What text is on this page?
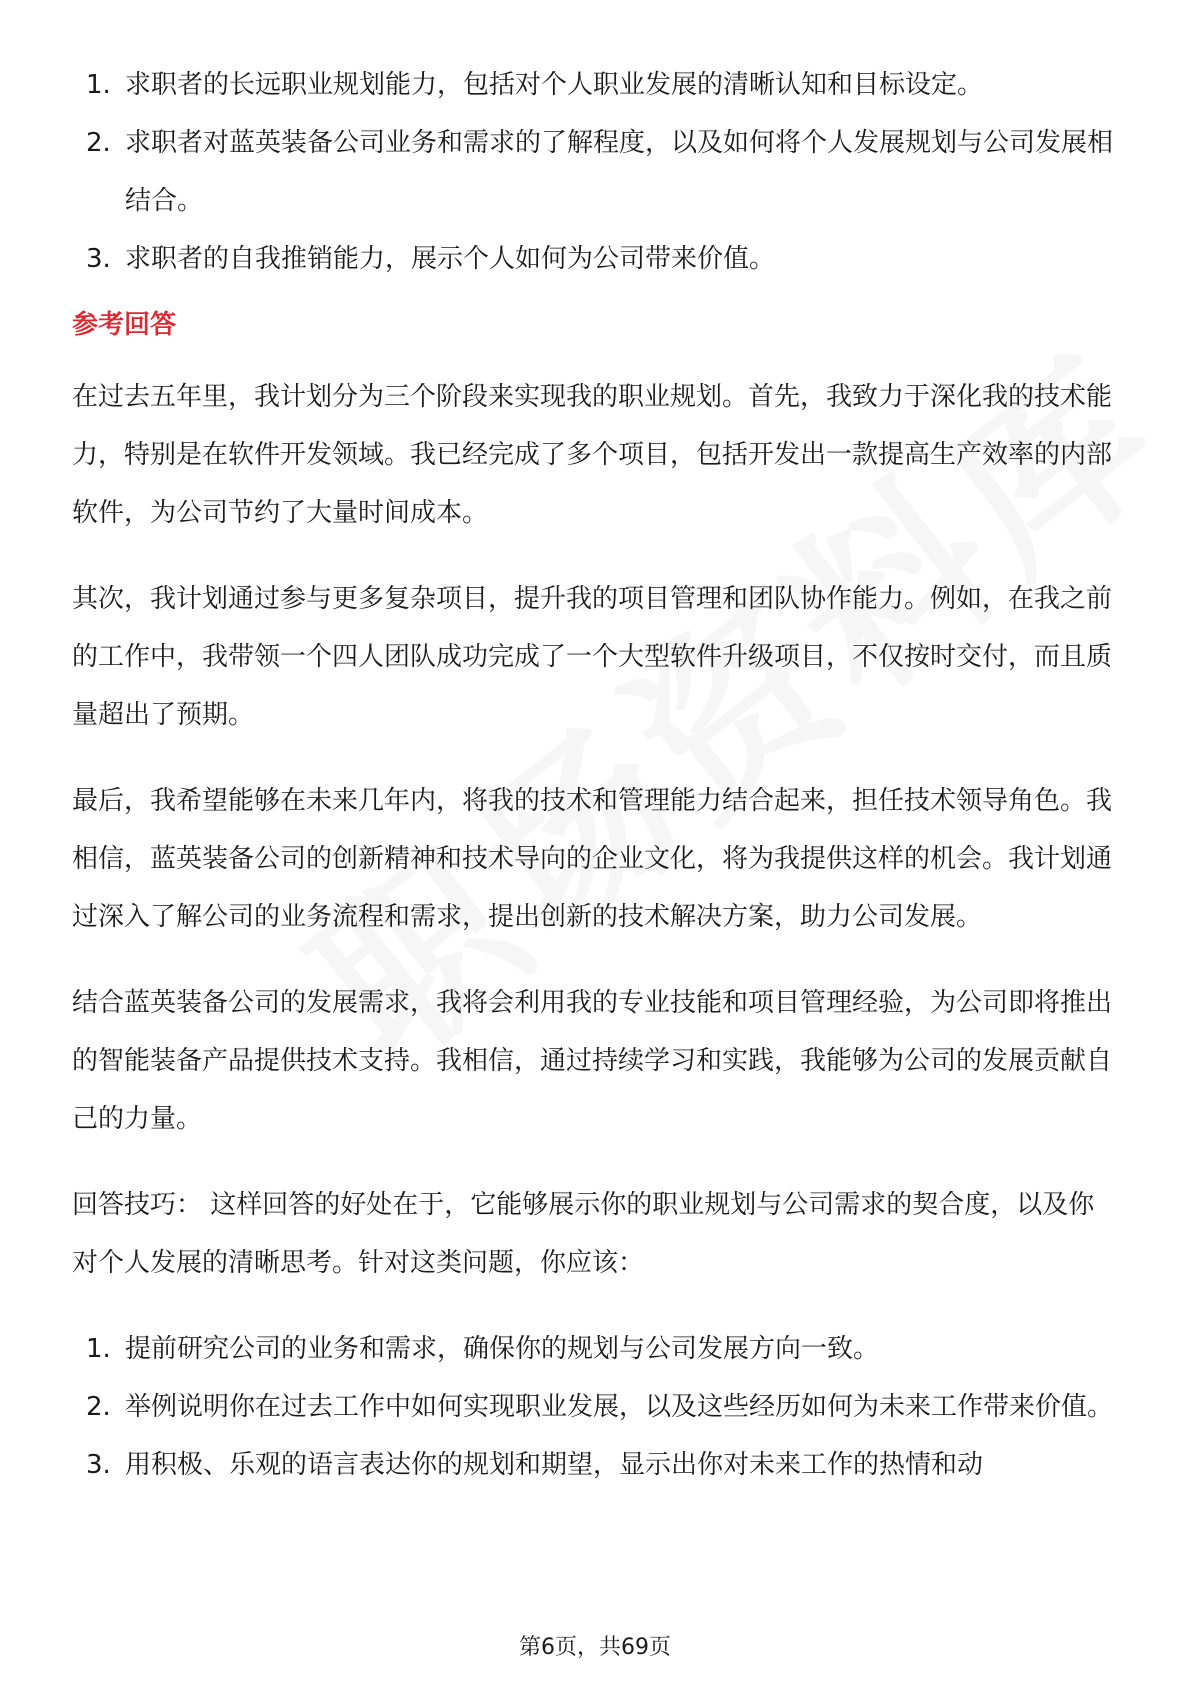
1. 求职者的长远职业规划能力，包括对个人职业发展的清晰认知和目标设定。
2. 求职者对蓝英装备公司业务和需求的了解程度，以及如何将个人发展规划与公司发展相结合。
3. 求职者的自我推销能力，展示个人如何为公司带来价值。
参考回答

在过去五年里，我计划分为三个阶段来实现我的职业规划。首先，我致力于深化我的技术能力，特别是在软件开发领域。我已经完成了多个项目，包括开发出一款提高生产效率的内部软件，为公司节约了大量时间成本。

其次，我计划通过参与更多复杂项目，提升我的项目管理和团队协作能力。例如，在我之前的工作中，我带领一个四人团队成功完成了一个大型软件升级项目，不仅按时交付，而且质量超出了预期。

最后，我希望能够在未来几年内，将我的技术和管理能力结合起来，担任技术领导角色。我相信，蓝英装备公司的创新精神和技术导向的企业文化，将为我提供这样的机会。我计划通过深入了解公司的业务流程和需求，提出创新的技术解决方案，助力公司发展。

结合蓝英装备公司的发展需求，我将会利用我的专业技能和项目管理经验，为公司即将推出的智能装备产品提供技术支持。我相信，通过持续学习和实践，我能够为公司的发展贡献自己的力量。

回答技巧： 这样回答的好处在于，它能够展示你的职业规划与公司需求的契合度，以及你对个人发展的清晰思考。针对这类问题，你应该：

1. 提前研究公司的业务和需求，确保你的规划与公司发展方向一致。
2. 举例说明你在过去工作中如何实现职业发展，以及这些经历如何为未来工作带来价值。
3. 用积极、乐观的语言表达你的规划和期望，显示出你对未来工作的热情和动
第6页，共69页
